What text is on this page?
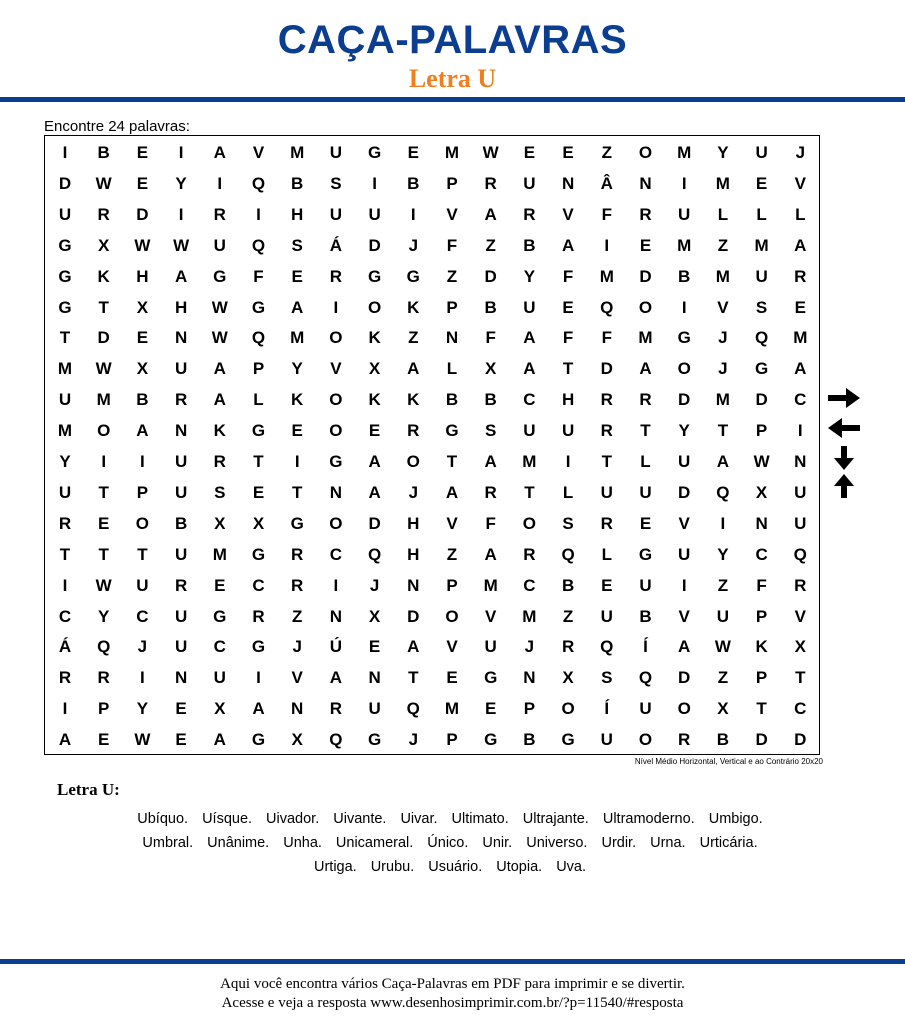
CAÇA-PALAVRAS
Letra U
Encontre 24 palavras:
I	B	E	I	A	V	M	U	G	E	M	W	E	E	Z	O	M	Y	U	J
D	W	E	Y	I	Q	B	S	I	B	P	R	U	N	Â	N	I	M	E	V
U	R	D	I	R	I	H	U	U	I	V	A	R	V	F	R	U	L	L	L
G	X	W	W	U	Q	S	Á	D	J	F	Z	B	A	I	E	M	Z	M	A
G	K	H	A	G	F	E	R	G	G	Z	D	Y	F	M	D	B	M	U	R
G	T	X	H	W	G	A	I	O	K	P	B	U	E	Q	O	I	V	S	E
T	D	E	N	W	Q	M	O	K	Z	N	F	A	F	F	M	G	J	Q	M
M	W	X	U	A	P	Y	V	X	A	L	X	A	T	D	A	O	J	G	A
U	M	B	R	A	L	K	O	K	K	B	B	C	H	R	R	D	M	D	C
M	O	A	N	K	G	E	O	E	R	G	S	U	U	R	T	Y	T	P	I
Y	I	I	U	R	T	I	G	A	O	T	A	M	I	T	L	U	A	W	N
U	T	P	U	S	E	T	N	A	J	A	R	T	L	U	U	D	Q	X	U
R	E	O	B	X	X	G	O	D	H	V	F	O	S	R	E	V	I	N	U
T	T	T	U	M	G	R	C	Q	H	Z	A	R	Q	L	G	U	Y	C	Q
I	W	U	R	E	C	R	I	J	N	P	M	C	B	E	U	I	Z	F	R
C	Y	C	U	G	R	Z	N	X	D	O	V	M	Z	U	B	V	U	P	V
Á	Q	J	U	C	G	J	Ú	E	A	V	U	J	R	Q	Í	A	W	K	X
R	R	I	N	U	I	V	A	N	T	E	G	N	X	S	Q	D	Z	P	T
I	P	Y	E	X	A	N	R	U	Q	M	E	P	O	Í	U	O	X	T	C
A	E	W	E	A	G	X	Q	G	J	P	G	B	G	U	O	R	B	D	D
Nível Médio Horizontal, Vertical e ao Contrário 20x20
Letra U:
Ubíquo. Uísque. Uivador. Uivante. Uivar. Ultimato. Ultrajante. Ultramoderno. Umbigo.
Umbral. Unânime. Unha. Unicameral. Único. Unir. Universo. Urdir. Urna. Urticária.
Urtiga. Urubu. Usuário. Utopia. Uva.
Aqui você encontra vários Caça-Palavras em PDF para imprimir e se divertir.
Acesse e veja a resposta www.desenhosimprimir.com.br/?p=11540/#resposta
